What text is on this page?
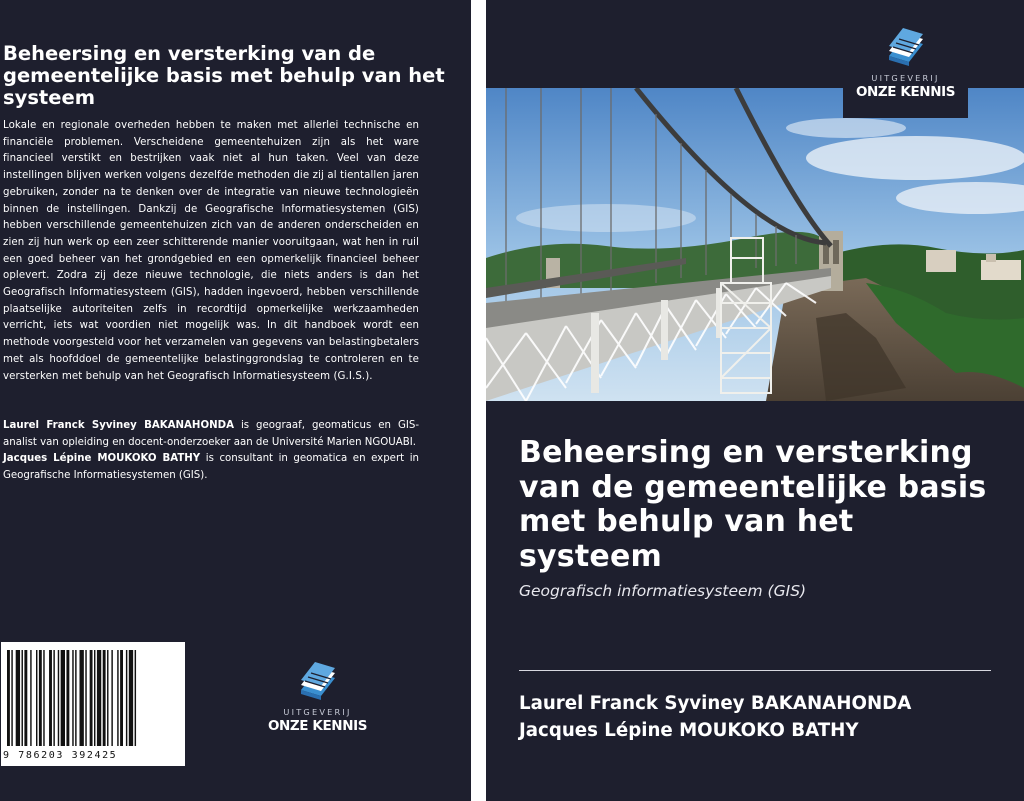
Beheersing en versterking van de gemeentelijke basis met behulp van het systeem

Lokale en regionale overheden hebben te maken met allerlei technische en financiële problemen. Verscheidene gemeentehuizen zijn als het ware financieel verstikt en bestrijken vaak niet al hun taken. Veel van deze instellingen blijven werken volgens dezelfde methoden die zij al tientallen jaren gebruiken, zonder na te denken over de integratie van nieuwe technologieën binnen de instellingen. Dankzij de Geografische Informatiesystemen (GIS) hebben verschillende gemeentehuizen zich van de anderen onderscheiden en zien zij hun werk op een zeer schitterende manier vooruitgaan, wat hen in ruil een goed beheer van het grondgebied en een opmerkelijk financieel beheer oplevert. Zodra zij deze nieuwe technologie, die niets anders is dan het Geografisch Informatiesysteem (GIS), hadden ingevoerd, hebben verschillende plaatselijke autoriteiten zelfs in recordtijd opmerkelijke werkzaamheden verricht, iets wat voordien niet mogelijk was. In dit handboek wordt een methode voorgesteld voor het verzamelen van gegevens van belastingbetalers met als hoofddoel de gemeentelijke belastinggrondslag te controleren en te versterken met behulp van het Geografisch Informatiesysteem (G.I.S.).

Laurel Franck Syviney BAKANAHONDA is geograaf, geomaticus en GIS-analist van opleiding en docent-onderzoeker aan de Université Marien NGOUABI.
Jacques Lépine MOUKOKO BATHY is consultant in geomatica en expert in Geografische Informatiesystemen (GIS).
9 786203 392425
UITGEVERIJ
ONZE KENNIS
UITGEVERIJ
ONZE KENNIS
Beheersing en versterking van de gemeentelijke basis met behulp van het systeem
Geografisch informatiesysteem (GIS)
Laurel Franck Syviney BAKANAHONDA
Jacques Lépine MOUKOKO BATHY
